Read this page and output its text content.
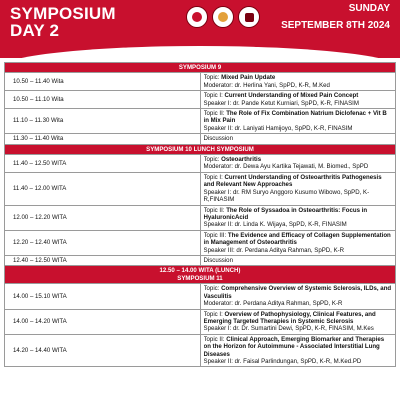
SYMPOSIUM
DAY 2
SUNDAY
SEPTEMBER 8TH 2024
SYMPOSIUM 9	

10.50 – 11.40 Wita	Topic: Mixed Pain Update
Moderator: dr. Herlina Yani, SpPD, K-R, M.Ked

10.50 – 11.10 Wita	Topic I: Current Understanding of Mixed Pain Concept
Speaker I: dr. Pande Ketut Kurniari, SpPD, K-R, FINASIM

11.10 – 11.30 Wita	Topic II: The Role of Fix Combination Natrium Diclofenac + Vit B in Mix Pain
Speaker II: dr. Laniyati Hamijoyo, SpPD, K-R, FINASIM

11.30 – 11.40 Wita	Discussion

SYMPOSIUM 10 LUNCH SYMPOSIUM	

11.40 – 12.50 WITA	Topic: Osteoarthritis
Moderator: dr. Dewa Ayu Kartika Tejawati, M. Biomed., SpPD

11.40 – 12.00 WITA	Topic I: Current Understanding of Osteoarthritis Pathogenesis and Relevant New Approaches
Speaker I: dr. RM Suryo Anggoro Kusumo Wibowo, SpPD, K-R,FINASIM

12.00 – 12.20 WITA	Topic II: The Role of Syssadoa in Osteoarthritis: Focus in HyaluronicAcid
Speaker II: dr. Linda K. Wijaya, SpPD, K-R, FINASIM

12.20 – 12.40 WITA	Topic III: The Evidence and Efficacy of Collagen Supplementation in Management of Osteoarthritis
Speaker III: dr. Perdana Aditya Rahman, SpPD, K-R

12.40 – 12.50 WITA	Discussion

12.50 – 14.00 WITA (LUNCH)
SYMPOSIUM 11	

14.00 – 15.10 WITA	Topic: Comprehensive Overview of Systemic Sclerosis, ILDs, and Vasculitis
Moderator: dr. Perdana Aditya Rahman, SpPD, K-R

14.00 – 14.20 WITA	Topic I: Overview of Pathophysiology, Clinical Features, and Emerging Targeted Therapies in Systemic Sclerosis
Speaker I: dr. Dr. Sumartini Dewi, SpPD, K-R, FINASIM, M.Kes

14.20 – 14.40 WITA	Topic II: Clinical Approach, Emerging Biomarker and Therapies on the Horizon for Autoimmune - Associated Interstitial Lung Diseases
Speaker II: dr. Faisal Parlindungan, SpPD, K-R, M.Ked.PD
